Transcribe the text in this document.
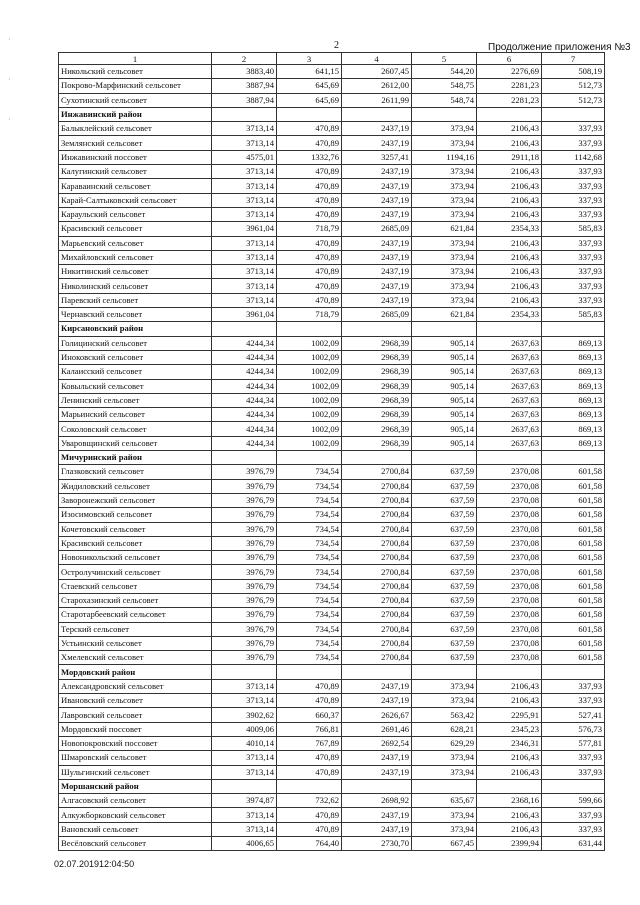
·
·
·
2	Продолжение приложения №3
1	2	3	4	5	6	7
Никольский сельсовет	3883,40	641,15	2607,45	544,20	2276,69	508,19
Покрово-Марфинский сельсовет	3887,94	645,69	2612,00	548,75	2281,23	512,73
Сухотинский сельсовет	3887,94	645,69	2611,99	548,74	2281,23	512,73
Инжавинский район						
Балыклейский сельсовет	3713,14	470,89	2437,19	373,94	2106,43	337,93
Землянский сельсовет	3713,14	470,89	2437,19	373,94	2106,43	337,93
Инжавинский поссовет	4575,01	1332,76	3257,41	1194,16	2911,18	1142,68
Калугинский сельсовет	3713,14	470,89	2437,19	373,94	2106,43	337,93
Караваинский сельсовет	3713,14	470,89	2437,19	373,94	2106,43	337,93
Карай-Салтыковский сельсовет	3713,14	470,89	2437,19	373,94	2106,43	337,93
Караульский сельсовет	3713,14	470,89	2437,19	373,94	2106,43	337,93
Красивский сельсовет	3961,04	718,79	2685,09	621,84	2354,33	585,83
Марьевский сельсовет	3713,14	470,89	2437,19	373,94	2106,43	337,93
Михайловский сельсовет	3713,14	470,89	2437,19	373,94	2106,43	337,93
Никитинский сельсовет	3713,14	470,89	2437,19	373,94	2106,43	337,93
Николинский сельсовет	3713,14	470,89	2437,19	373,94	2106,43	337,93
Паревский сельсовет	3713,14	470,89	2437,19	373,94	2106,43	337,93
Чернавский сельсовет	3961,04	718,79	2685,09	621,84	2354,33	585,83
Кирсановский район						
Голицинский сельсовет	4244,34	1002,09	2968,39	905,14	2637,63	869,13
Иноковский сельсовет	4244,34	1002,09	2968,39	905,14	2637,63	869,13
Калаисский сельсовет	4244,34	1002,09	2968,39	905,14	2637,63	869,13
Ковыльский сельсовет	4244,34	1002,09	2968,39	905,14	2637,63	869,13
Ленинский сельсовет	4244,34	1002,09	2968,39	905,14	2637,63	869,13
Марьинский сельсовет	4244,34	1002,09	2968,39	905,14	2637,63	869,13
Соколовский сельсовет	4244,34	1002,09	2968,39	905,14	2637,63	869,13
Уваровщинский сельсовет	4244,34	1002,09	2968,39	905,14	2637,63	869,13
Мичуринский район						
Глазковский сельсовет	3976,79	734,54	2700,84	637,59	2370,08	601,58
Жидиловский сельсовет	3976,79	734,54	2700,84	637,59	2370,08	601,58
Заворонежский сельсовет	3976,79	734,54	2700,84	637,59	2370,08	601,58
Изосимовский сельсовет	3976,79	734,54	2700,84	637,59	2370,08	601,58
Кочетовский сельсовет	3976,79	734,54	2700,84	637,59	2370,08	601,58
Красивский сельсовет	3976,79	734,54	2700,84	637,59	2370,08	601,58
Новоникольский сельсовет	3976,79	734,54	2700,84	637,59	2370,08	601,58
Остролучинский сельсовет	3976,79	734,54	2700,84	637,59	2370,08	601,58
Стаевский сельсовет	3976,79	734,54	2700,84	637,59	2370,08	601,58
Старохазинский сельсовет	3976,79	734,54	2700,84	637,59	2370,08	601,58
Старотарбеевский сельсовет	3976,79	734,54	2700,84	637,59	2370,08	601,58
Терский сельсовет	3976,79	734,54	2700,84	637,59	2370,08	601,58
Устьинский сельсовет	3976,79	734,54	2700,84	637,59	2370,08	601,58
Хмелевский сельсовет	3976,79	734,54	2700,84	637,59	2370,08	601,58
Мордовский район						
Александровский сельсовет	3713,14	470,89	2437,19	373,94	2106,43	337,93
Ивановский сельсовет	3713,14	470,89	2437,19	373,94	2106,43	337,93
Лавровский сельсовет	3902,62	660,37	2626,67	563,42	2295,91	527,41
Мордовский поссовет	4009,06	766,81	2691,46	628,21	2345,23	576,73
Новопокровский поссовет	4010,14	767,89	2692,54	629,29	2346,31	577,81
Шмаровский сельсовет	3713,14	470,89	2437,19	373,94	2106,43	337,93
Шульгинский сельсовет	3713,14	470,89	2437,19	373,94	2106,43	337,93
Моршанский район						
Алгасовский сельсовет	3974,87	732,62	2698,92	635,67	2368,16	599,66
Алкужборковский сельсовет	3713,14	470,89	2437,19	373,94	2106,43	337,93
Вановский сельсовет	3713,14	470,89	2437,19	373,94	2106,43	337,93
Весёловский сельсовет	4006,65	764,40	2730,70	667,45	2399,94	631,44
02.07.201912:04:50
